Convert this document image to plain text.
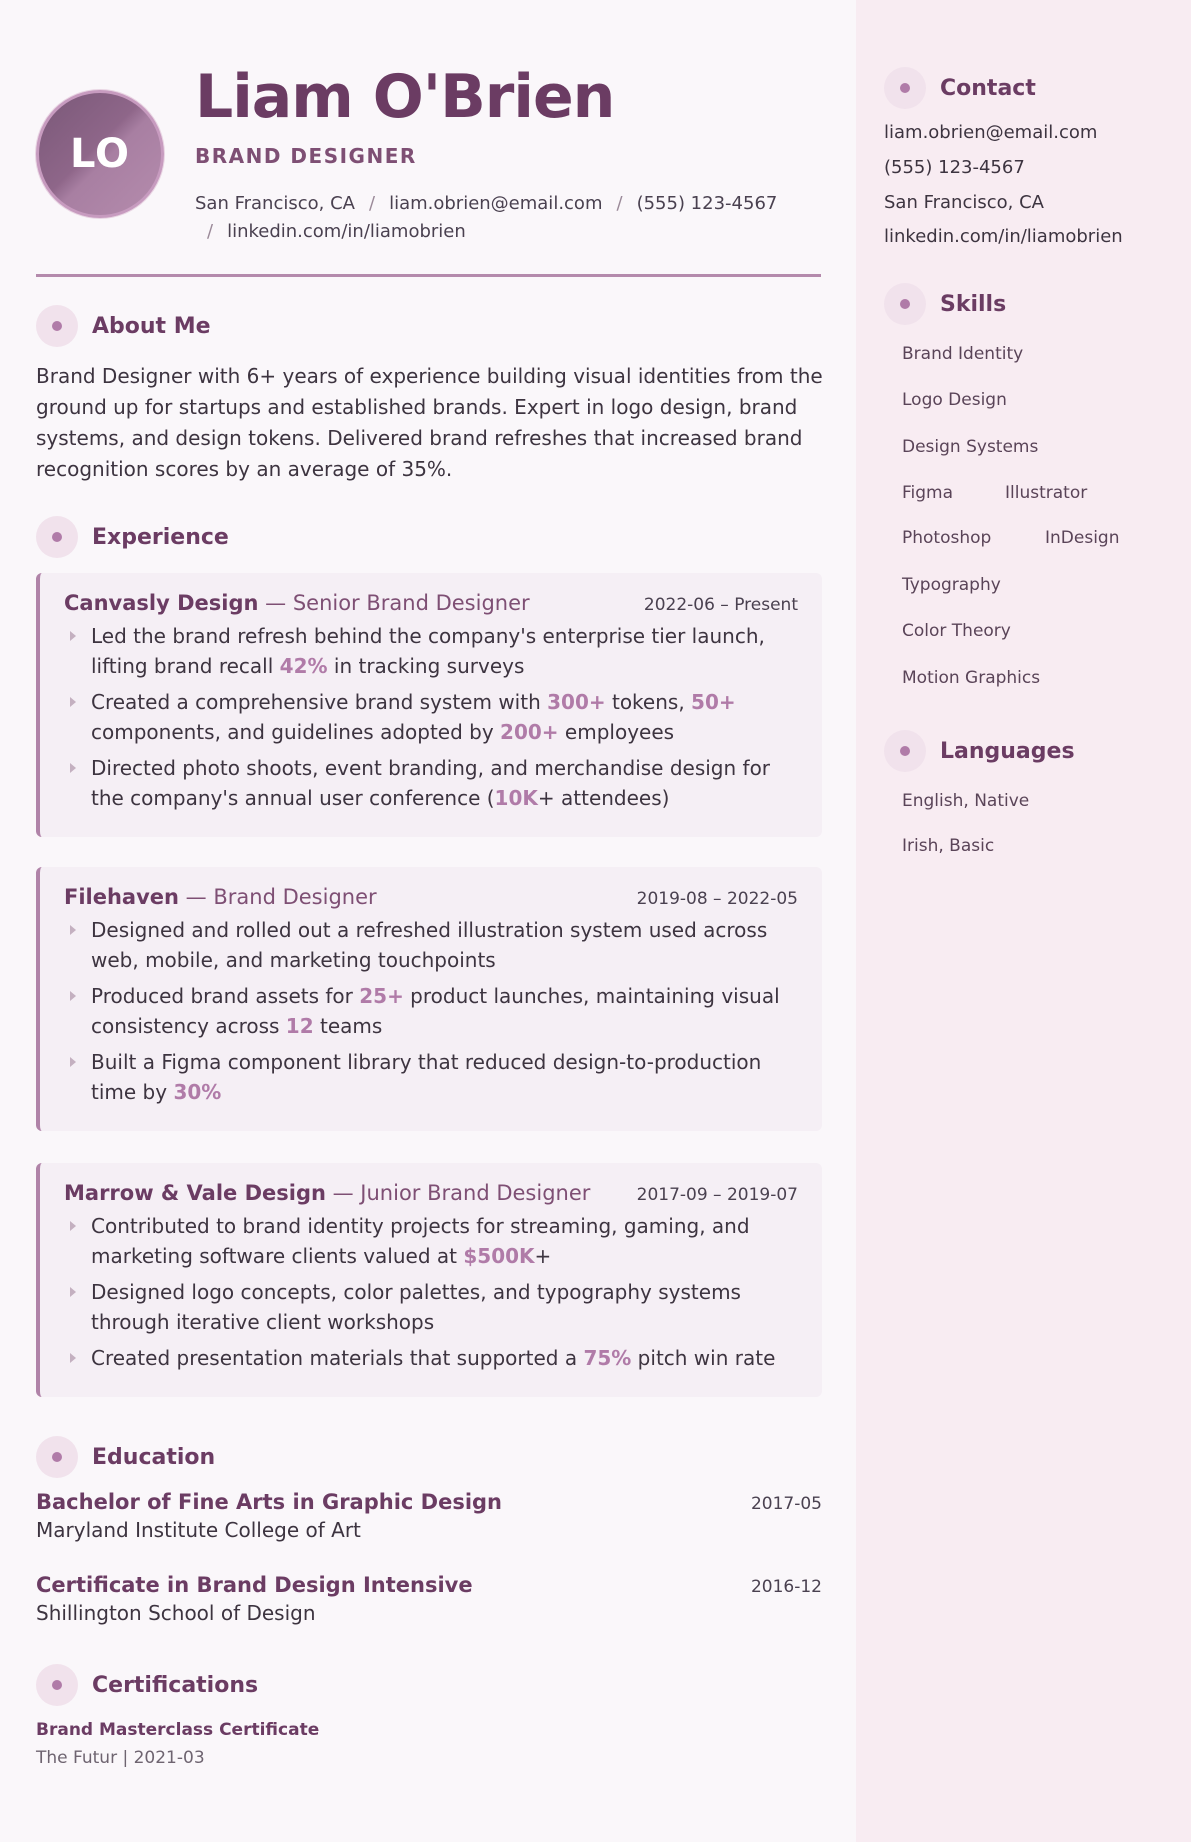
LO
Liam O'Brien
BRAND DESIGNER
San Francisco, CA / liam.obrien@email.com / (555) 123-4567
/ linkedin.com/in/liamobrien
About Me
Brand Designer with 6+ years of experience building visual identities from the ground up for startups and established brands. Expert in logo design, brand systems, and design tokens. Delivered brand refreshes that increased brand recognition scores by an average of 35%.
Experience
Canvasly Design — Senior Brand Designer	2022-06 – Present
Led the brand refresh behind the company's enterprise tier launch, lifting brand recall 42% in tracking surveys
Created a comprehensive brand system with 300+ tokens, 50+ components, and guidelines adopted by 200+ employees
Directed photo shoots, event branding, and merchandise design for the company's annual user conference (10K+ attendees)
Filehaven — Brand Designer	2019-08 – 2022-05
Designed and rolled out a refreshed illustration system used across web, mobile, and marketing touchpoints
Produced brand assets for 25+ product launches, maintaining visual consistency across 12 teams
Built a Figma component library that reduced design-to-production time by 30%
Marrow & Vale Design — Junior Brand Designer	2017-09 – 2019-07
Contributed to brand identity projects for streaming, gaming, and marketing software clients valued at $500K+
Designed logo concepts, color palettes, and typography systems through iterative client workshops
Created presentation materials that supported a 75% pitch win rate
Education
Bachelor of Fine Arts in Graphic Design	2017-05
Maryland Institute College of Art
Certificate in Brand Design Intensive	2016-12
Shillington School of Design
Certifications
Brand Masterclass Certificate
The Futur | 2021-03
Contact
liam.obrien@email.com
(555) 123-4567
San Francisco, CA
linkedin.com/in/liamobrien
Skills
Brand Identity
Logo Design
Design Systems
Figma	Illustrator
Photoshop	InDesign
Typography
Color Theory
Motion Graphics
Languages
English, Native
Irish, Basic
